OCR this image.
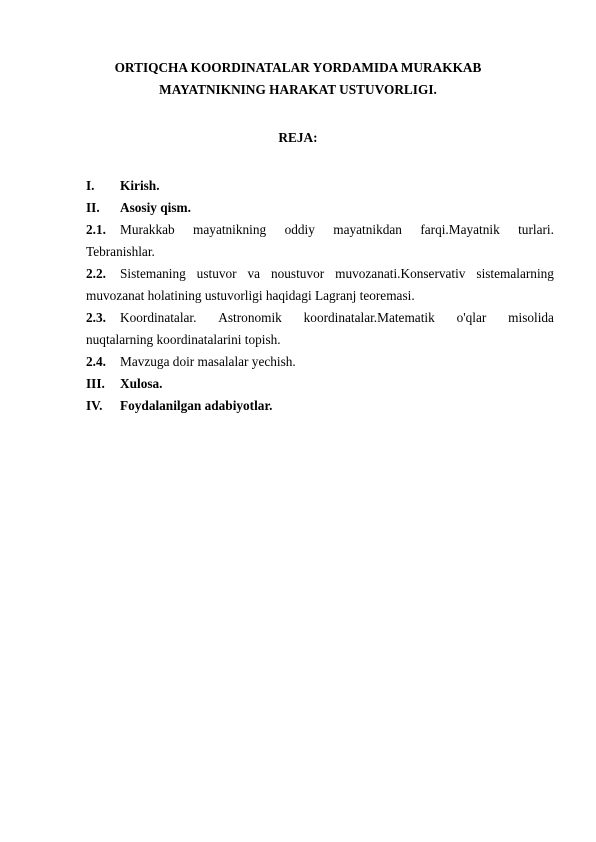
ORTIQCHA KOORDINATALAR YORDAMIDA MURAKKAB
MAYATNIKNING HARAKAT USTUVORLIGI.
REJA:
I. Kirish.
II. Asosiy qism.
2.1. Murakkab mayatnikning oddiy mayatnikdan farqi.Mayatnik turlari.
Tebranishlar.
2.2. Sistemaning ustuvor va noustuvor muvozanati.Konservativ sistemalarning
muvozanat holatining ustuvorligi haqidagi Lagranj teoremasi.
2.3. Koordinatalar. Astronomik koordinatalar.Matematik o'qlar misolida
nuqtalarning koordinatalarini topish.
2.4. Mavzuga doir masalalar yechish.
III. Xulosa.
IV. Foydalanilgan adabiyotlar.
